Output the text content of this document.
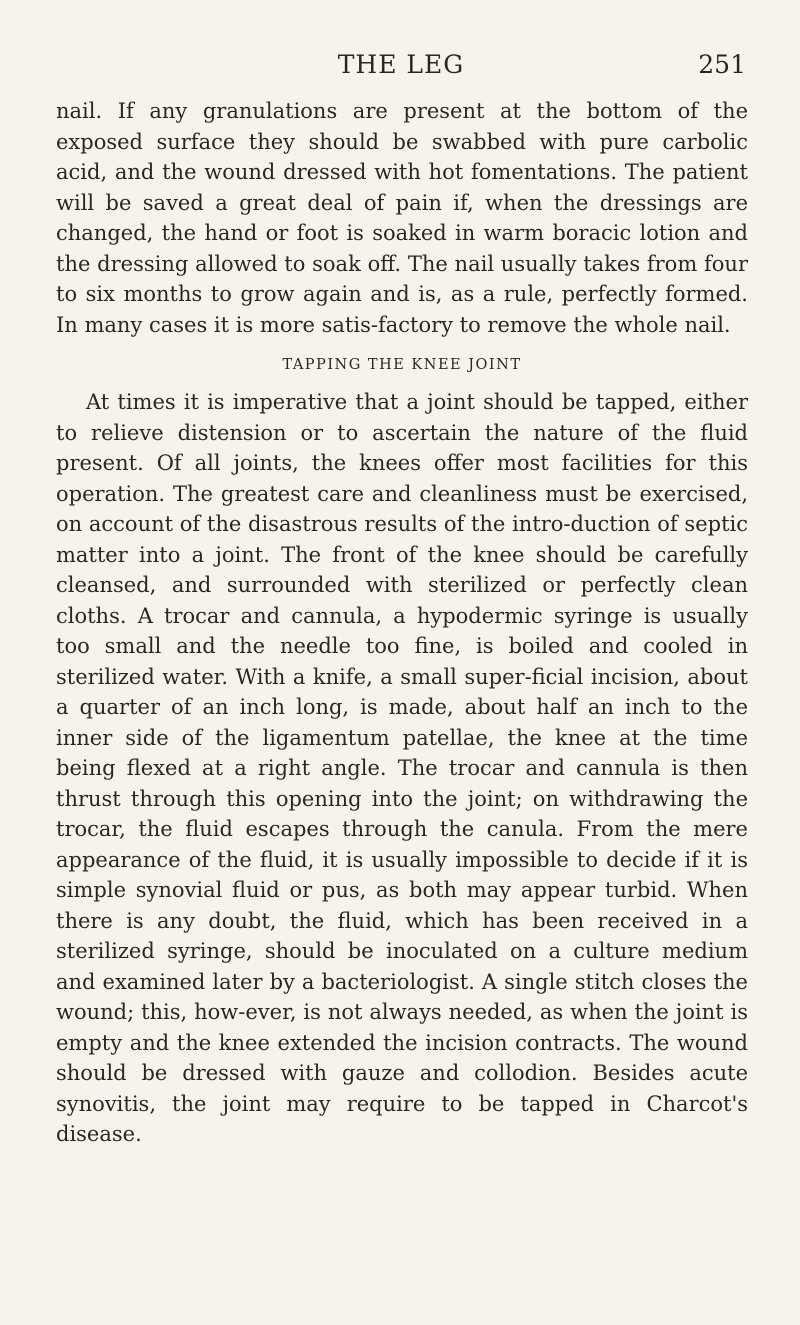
THE LEG	251

nail. If any granulations are present at the bottom of the exposed surface they should be swabbed with pure carbolic acid, and the wound dressed with hot fomentations. The patient will be saved a great deal of pain if, when the dressings are changed, the hand or foot is soaked in warm boracic lotion and the dressing allowed to soak off. The nail usually takes from four to six months to grow again and is, as a rule, perfectly formed. In many cases it is more satis-factory to remove the whole nail.

TAPPING THE KNEE JOINT

At times it is imperative that a joint should be tapped, either to relieve distension or to ascertain the nature of the fluid present. Of all joints, the knees offer most facilities for this operation. The greatest care and cleanliness must be exercised, on account of the disastrous results of the intro-duction of septic matter into a joint. The front of the knee should be carefully cleansed, and surrounded with sterilized or perfectly clean cloths. A trocar and cannula, a hypodermic syringe is usually too small and the needle too fine, is boiled and cooled in sterilized water. With a knife, a small super-ficial incision, about a quarter of an inch long, is made, about half an inch to the inner side of the ligamentum patellae, the knee at the time being flexed at a right angle. The trocar and cannula is then thrust through this opening into the joint; on withdrawing the trocar, the fluid escapes through the canula. From the mere appearance of the fluid, it is usually impossible to decide if it is simple synovial fluid or pus, as both may appear turbid. When there is any doubt, the fluid, which has been received in a sterilized syringe, should be inoculated on a culture medium and examined later by a bacteriologist. A single stitch closes the wound; this, how-ever, is not always needed, as when the joint is empty and the knee extended the incision contracts. The wound should be dressed with gauze and collodion. Besides acute synovitis, the joint may require to be tapped in Charcot's disease.
